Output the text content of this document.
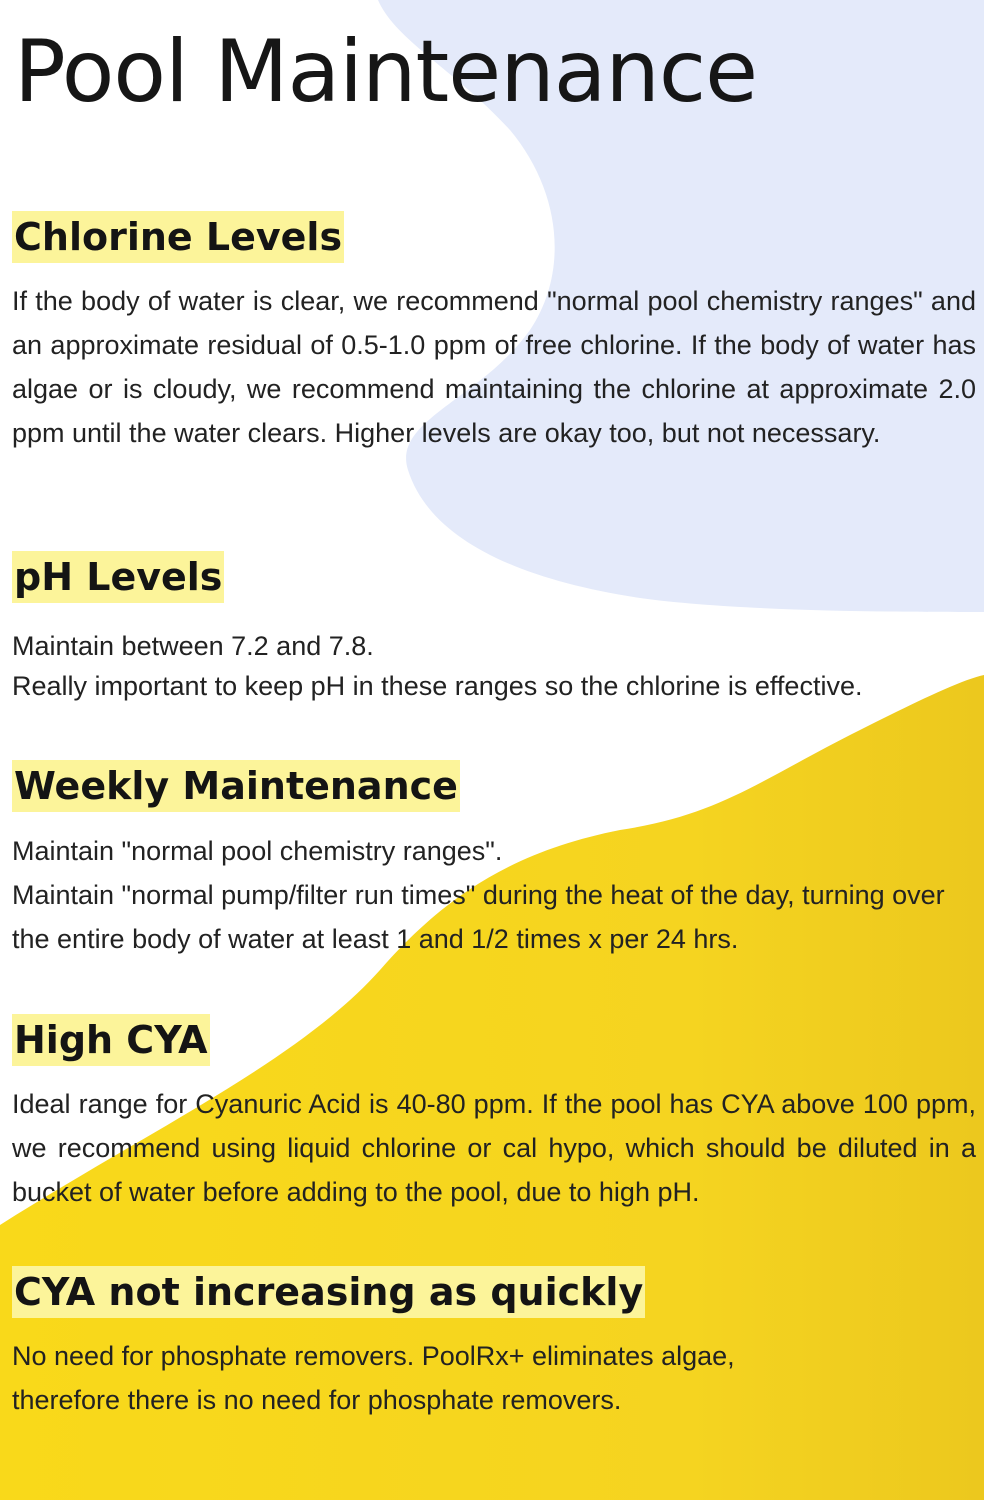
Pool Maintenance
Chlorine Levels

If the body of water is clear, we recommend "normal pool chemistry ranges" and an approximate residual of 0.5-1.0 ppm of free chlorine. If the body of water has algae or is cloudy, we recommend maintaining the chlorine at approximate 2.0 ppm until the water clears. Higher levels are okay too, but not necessary.

pH Levels

Maintain between 7.2 and 7.8.

Really important to keep pH in these ranges so the chlorine is effective.

Weekly Maintenance

Maintain "normal pool chemistry ranges".

Maintain "normal pump/filter run times" during the heat of the day, turning over the entire body of water at least 1 and 1/2 times x per 24 hrs.

High CYA

Ideal range for Cyanuric Acid is 40-80 ppm. If the pool has CYA above 100 ppm, we recommend using liquid chlorine or cal hypo, which should be diluted in a bucket of water before adding to the pool, due to high pH.

CYA not increasing as quickly

No need for phosphate removers. PoolRx+ eliminates algae, therefore there is no need for phosphate removers.
